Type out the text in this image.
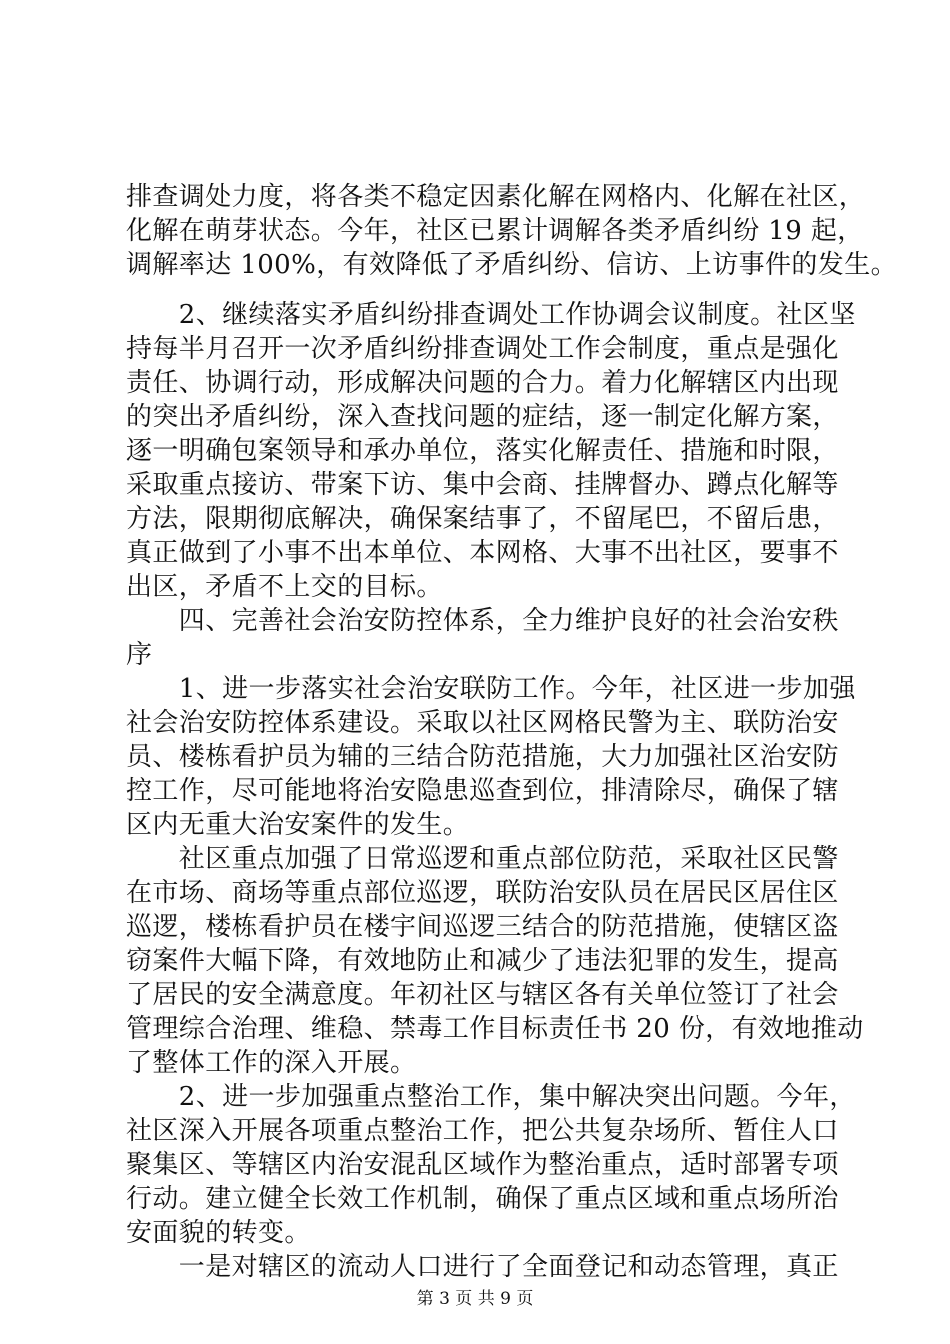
排查调处力度，将各类不稳定因素化解在网格内、化解在社区，
化解在萌芽状态。今年，社区已累计调解各类矛盾纠纷 19 起，
调解率达 100%，有效降低了矛盾纠纷、信访、上访事件的发生。
　　2、继续落实矛盾纠纷排查调处工作协调会议制度。社区坚
持每半月召开一次矛盾纠纷排查调处工作会制度，重点是强化
责任、协调行动，形成解决问题的合力。着力化解辖区内出现
的突出矛盾纠纷，深入查找问题的症结，逐一制定化解方案，
逐一明确包案领导和承办单位，落实化解责任、措施和时限，
采取重点接访、带案下访、集中会商、挂牌督办、蹲点化解等
方法，限期彻底解决，确保案结事了，不留尾巴，不留后患，
真正做到了小事不出本单位、本网格、大事不出社区，要事不
出区，矛盾不上交的目标。
　　四、完善社会治安防控体系，全力维护良好的社会治安秩
序
　　1、进一步落实社会治安联防工作。今年，社区进一步加强
社会治安防控体系建设。采取以社区网格民警为主、联防治安
员、楼栋看护员为辅的三结合防范措施，大力加强社区治安防
控工作，尽可能地将治安隐患巡查到位，排清除尽，确保了辖
区内无重大治安案件的发生。
　　社区重点加强了日常巡逻和重点部位防范，采取社区民警
在市场、商场等重点部位巡逻，联防治安队员在居民区居住区
巡逻，楼栋看护员在楼宇间巡逻三结合的防范措施，使辖区盗
窃案件大幅下降，有效地防止和减少了违法犯罪的发生，提高
了居民的安全满意度。年初社区与辖区各有关单位签订了社会
管理综合治理、维稳、禁毒工作目标责任书 20 份，有效地推动
了整体工作的深入开展。
　　2、进一步加强重点整治工作，集中解决突出问题。今年，
社区深入开展各项重点整治工作，把公共复杂场所、暂住人口
聚集区、等辖区内治安混乱区域作为整治重点，适时部署专项
行动。建立健全长效工作机制，确保了重点区域和重点场所治
安面貌的转变。
　　一是对辖区的流动人口进行了全面登记和动态管理，真正
第 3 页 共 9 页
